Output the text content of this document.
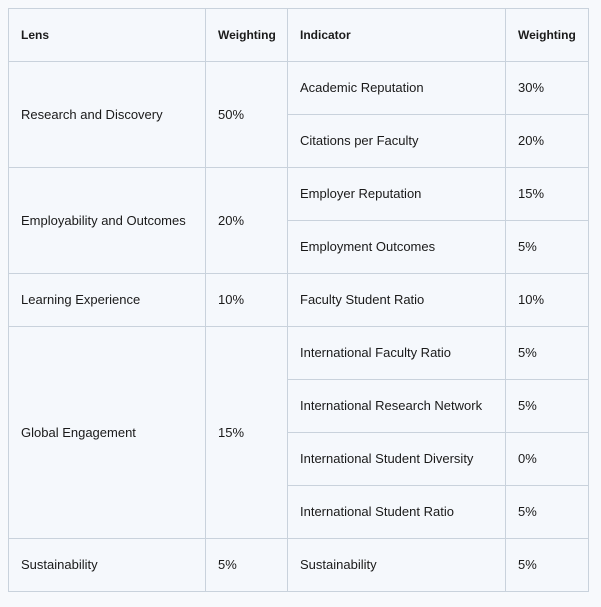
Lens	Weighting	Indicator	Weighting
Research and Discovery	50%	Academic Reputation	30%
		Citations per Faculty	20%
Employability and Outcomes	20%	Employer Reputation	15%
		Employment Outcomes	5%
Learning Experience	10%	Faculty Student Ratio	10%
Global Engagement	15%	International Faculty Ratio	5%
		International Research Network	5%
		International Student Diversity	0%
		International Student Ratio	5%
Sustainability	5%	Sustainability	5%
